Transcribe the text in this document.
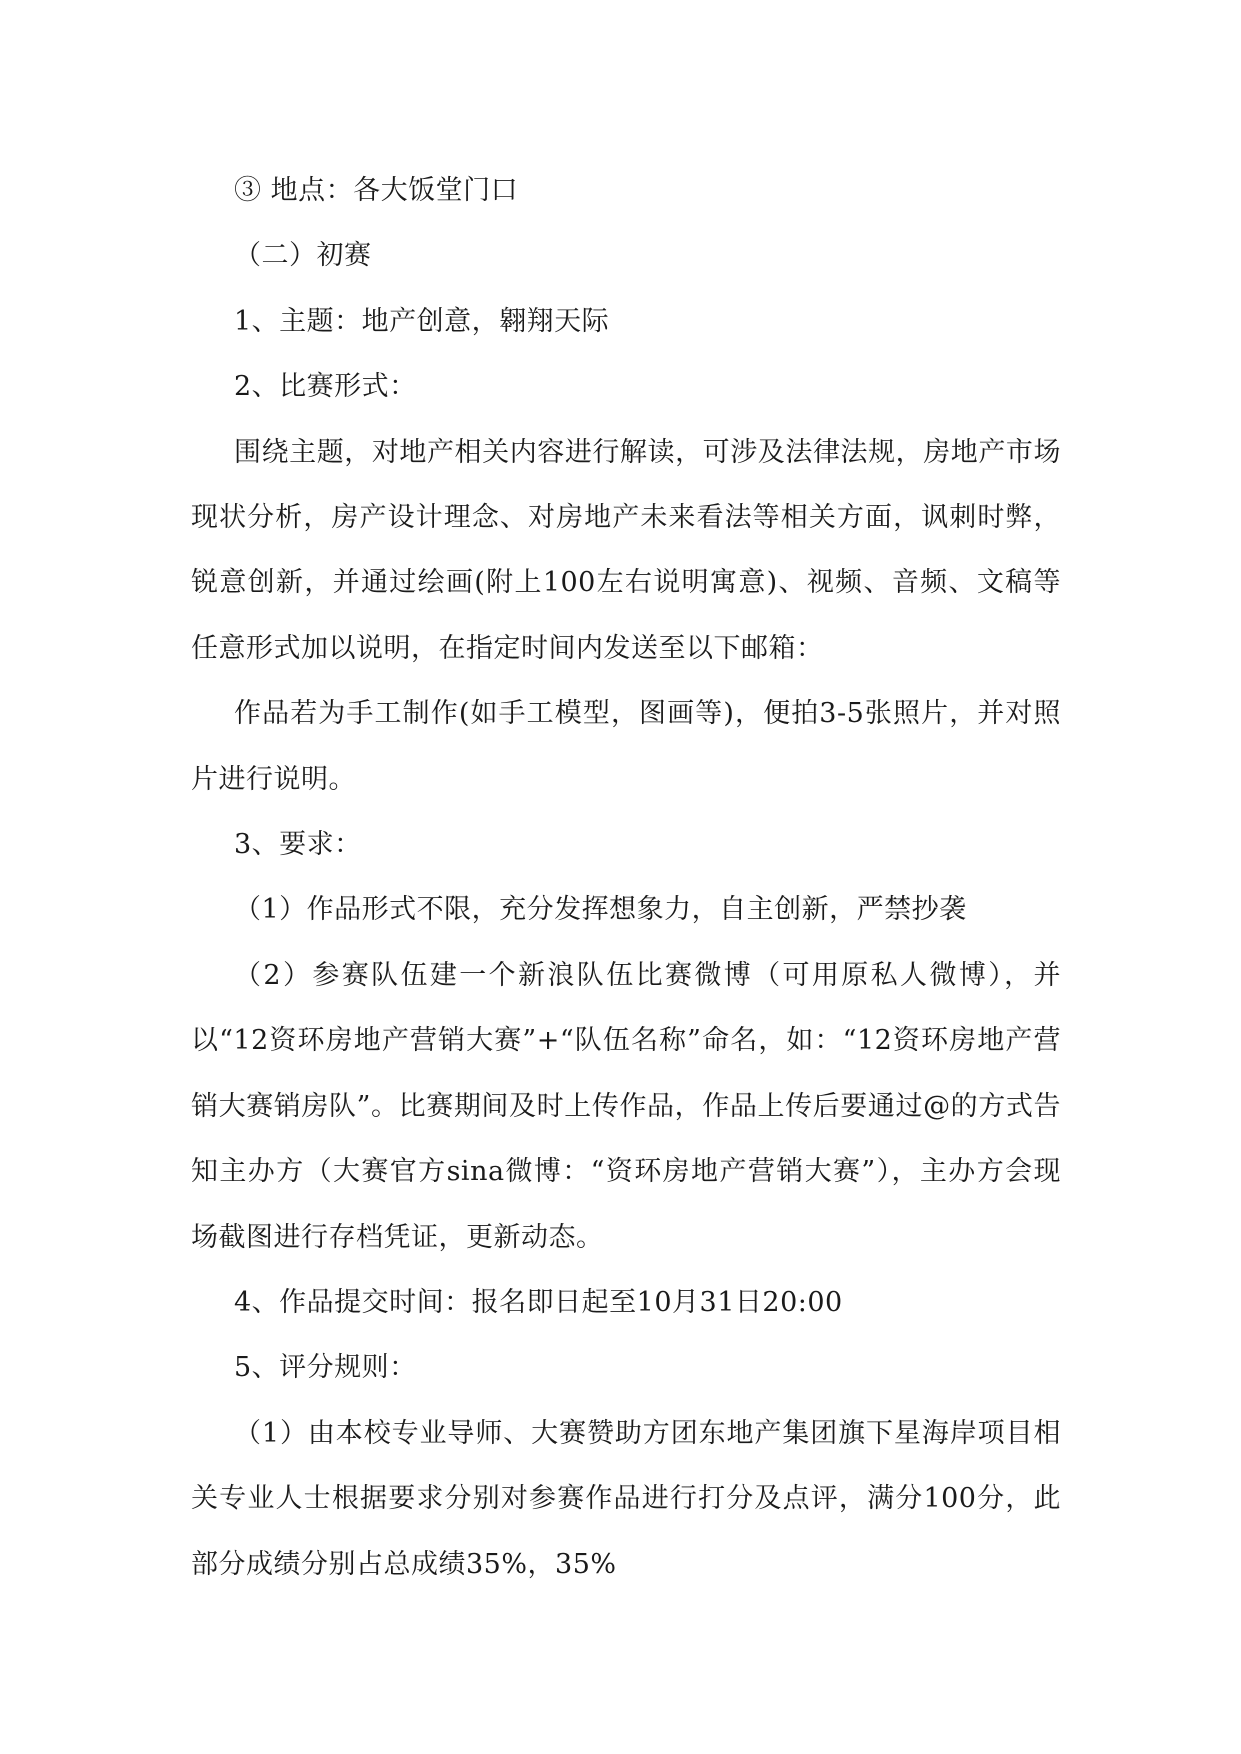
③ 地点：各大饭堂门口

（二）初赛

1、主题：地产创意，翱翔天际

2、比赛形式：

围绕主题，对地产相关内容进行解读，可涉及法律法规，房地产市场现状分析，房产设计理念、对房地产未来看法等相关方面，讽刺时弊，锐意创新，并通过绘画(附上100左右说明寓意)、视频、音频、文稿等任意形式加以说明，在指定时间内发送至以下邮箱：

作品若为手工制作(如手工模型，图画等)，便拍3-5张照片，并对照片进行说明。

3、要求：

（1）作品形式不限，充分发挥想象力，自主创新，严禁抄袭

（2）参赛队伍建一个新浪队伍比赛微博（可用原私人微博），并以“12资环房地产营销大赛”+“队伍名称”命名，如：“12资环房地产营销大赛销房队”。比赛期间及时上传作品，作品上传后要通过@的方式告知主办方（大赛官方sina微博：“资环房地产营销大赛”），主办方会现场截图进行存档凭证，更新动态。

4、作品提交时间：报名即日起至10月31日20:00

5、评分规则：

（1）由本校专业导师、大赛赞助方团东地产集团旗下星海岸项目相关专业人士根据要求分别对参赛作品进行打分及点评，满分100分，此部分成绩分别占总成绩35%，35%
